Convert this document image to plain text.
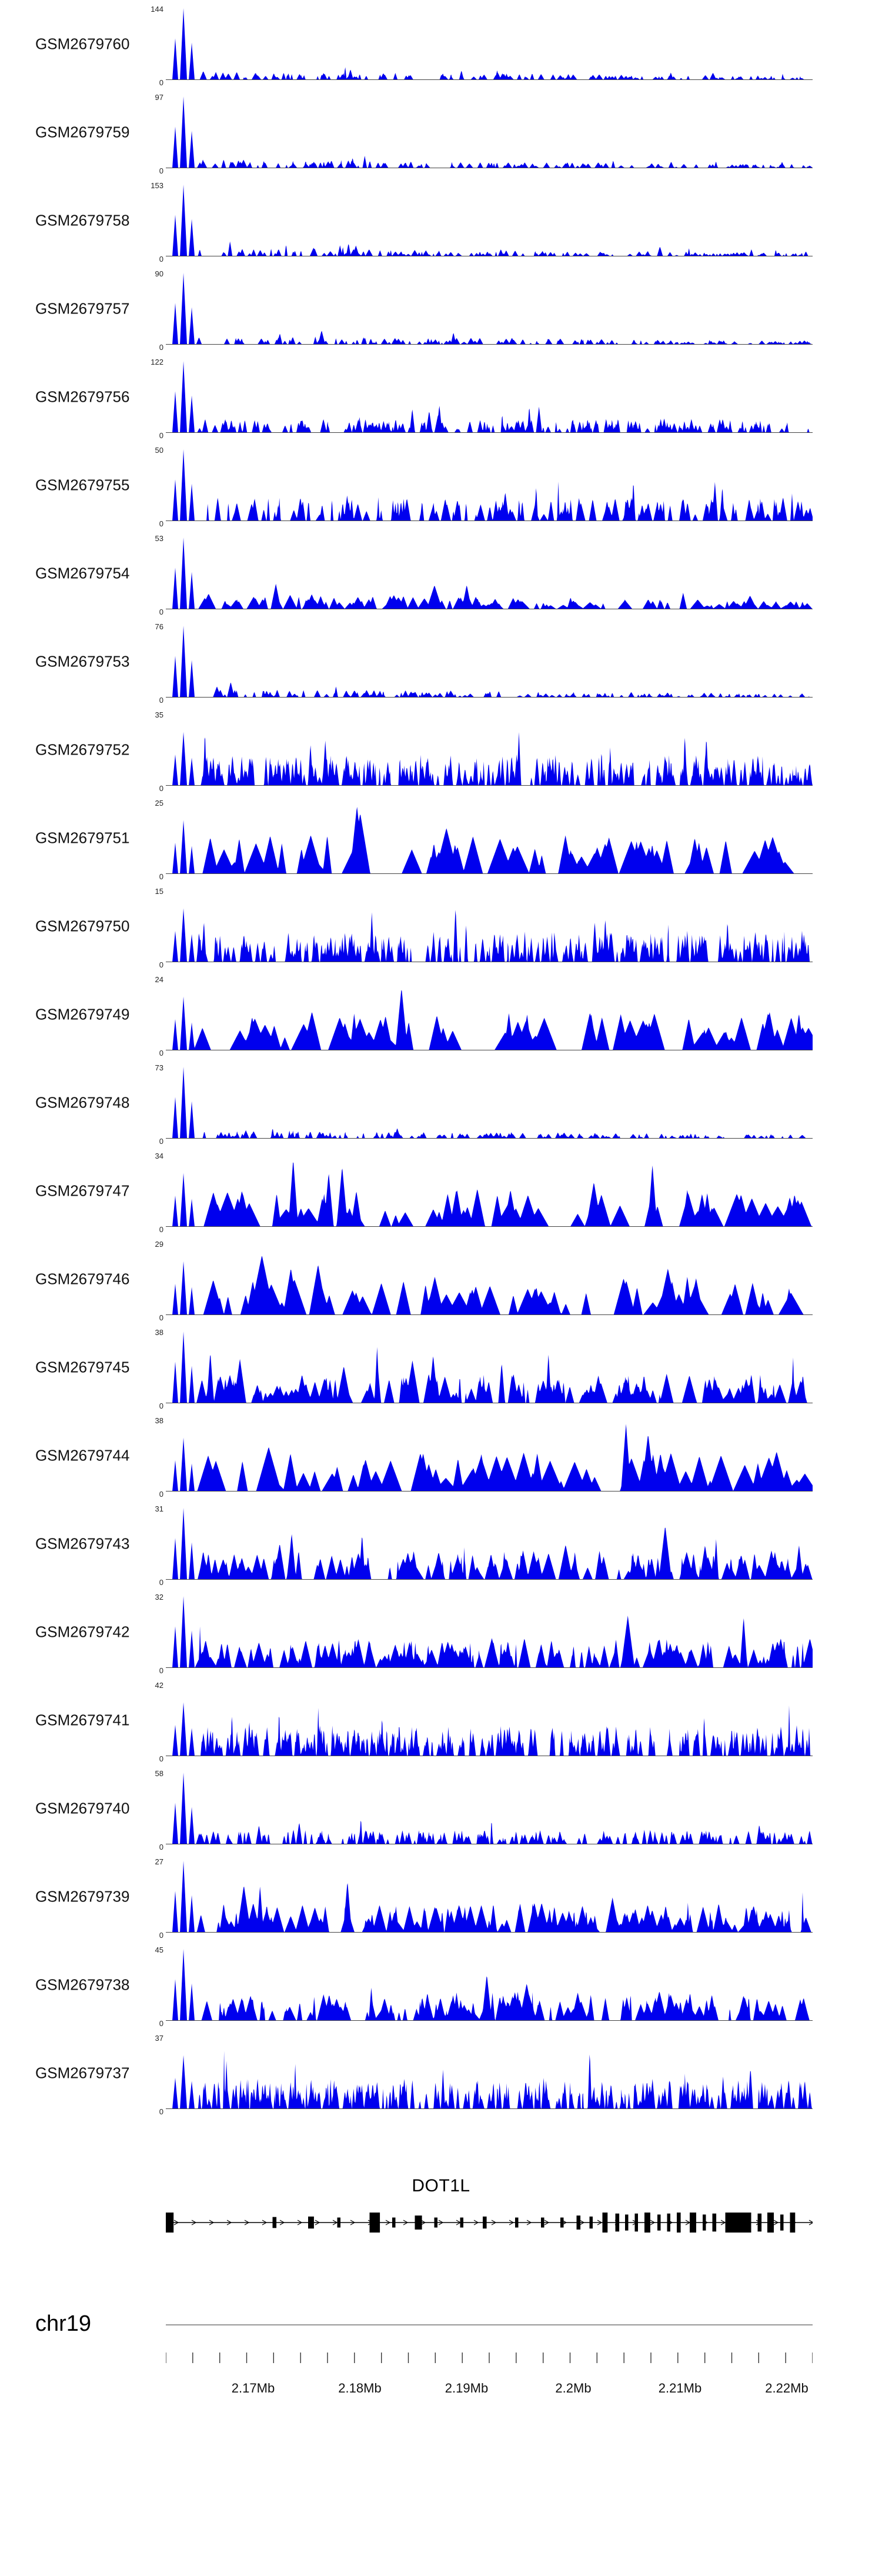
GSM2679760
144
0
GSM2679759
97
0
GSM2679758
153
0
GSM2679757
90
0
GSM2679756
122
0
GSM2679755
50
0
GSM2679754
53
0
GSM2679753
76
0
GSM2679752
35
0
GSM2679751
25
0
GSM2679750
15
0
GSM2679749
24
0
GSM2679748
73
0
GSM2679747
34
0
GSM2679746
29
0
GSM2679745
38
0
GSM2679744
38
0
GSM2679743
31
0
GSM2679742
32
0
GSM2679741
42
0
GSM2679740
58
0
GSM2679739
27
0
GSM2679738
45
0
GSM2679737
37
0
DOT1L
chr19
2.17Mb	2.18Mb	2.19Mb	2.2Mb	2.21Mb	2.22Mb
